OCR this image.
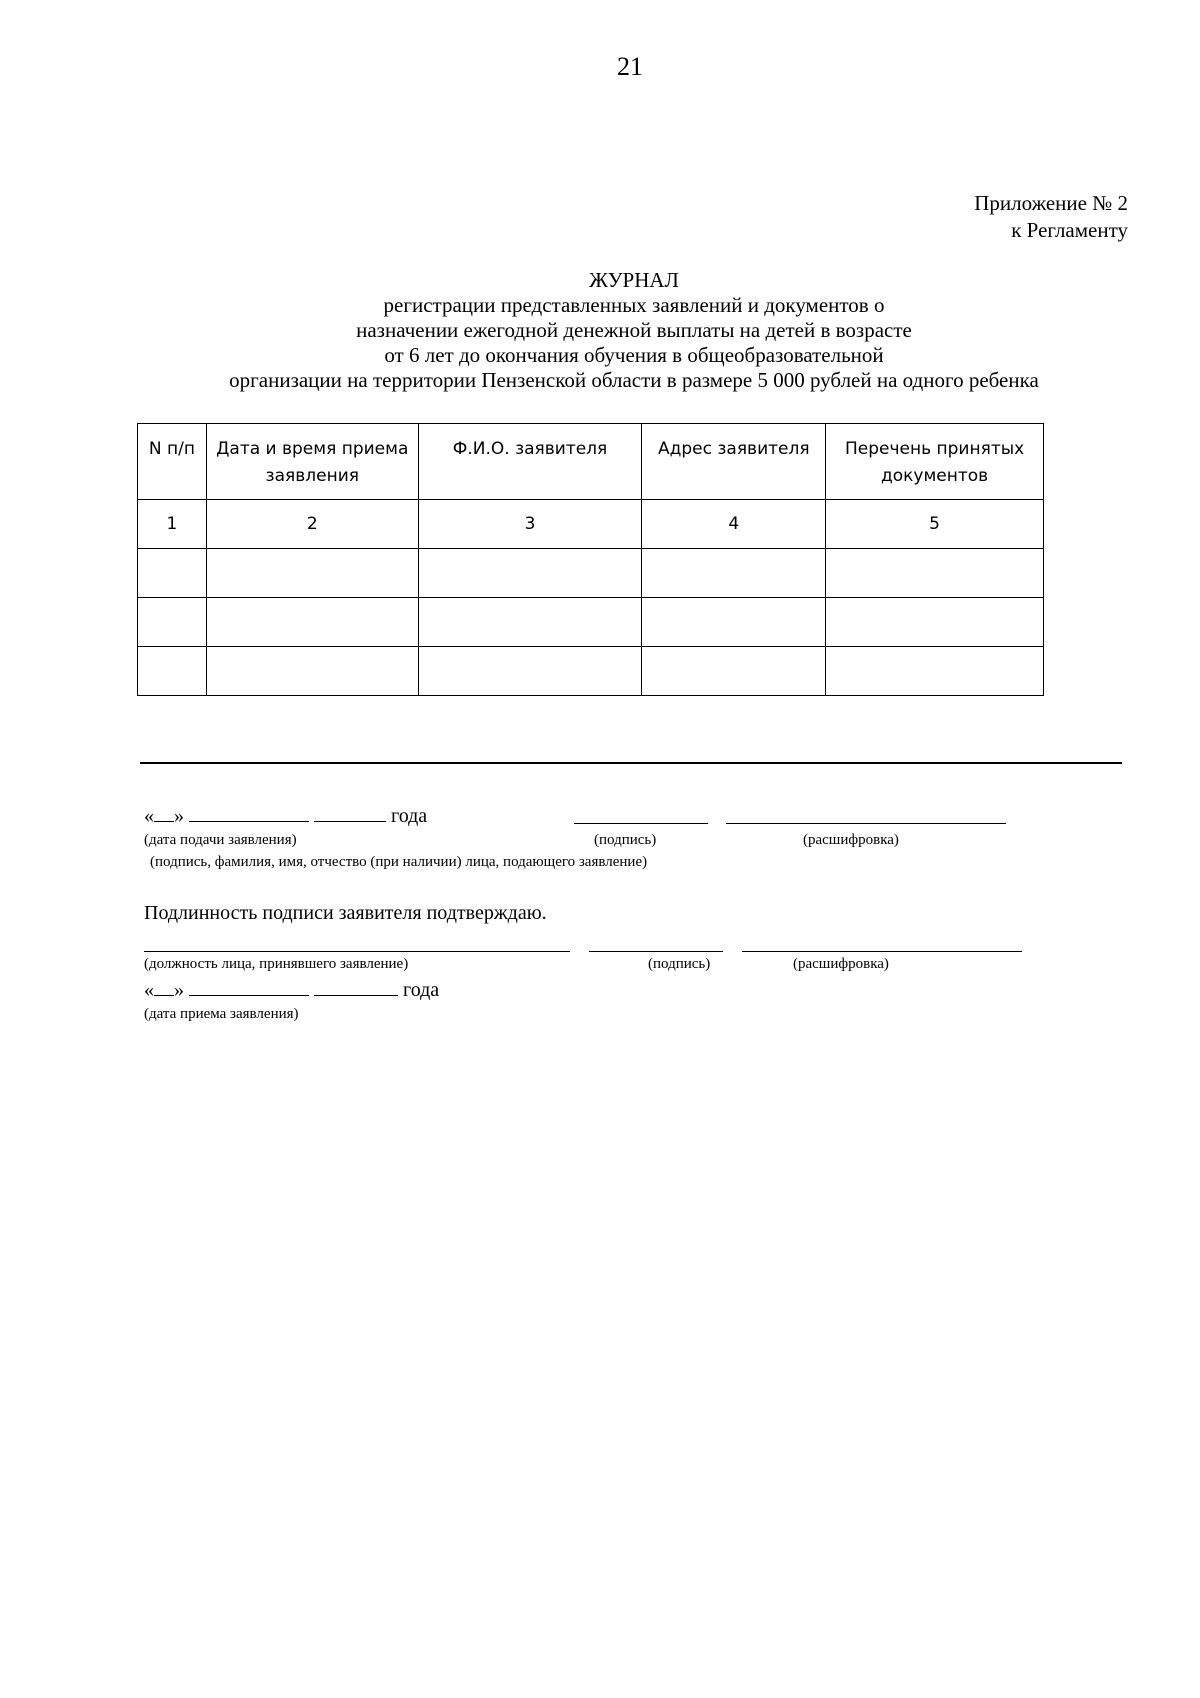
21
Приложение № 2
к Регламенту
ЖУРНАЛ
регистрации представленных заявлений и документов о
назначении ежегодной денежной выплаты на детей в возрасте
от 6 лет до окончания обучения в общеобразовательной
организации на территории Пензенской области в размере 5 000 рублей на одного ребенка
N п/п	Дата и время приема заявления	Ф.И.О. заявителя	Адрес заявителя	Перечень принятых документов
1	2	3	4	5

« »	года
(дата подачи заявления)	(подпись)	(расшифровка)
(подпись, фамилия, имя, отчество (при наличии) лица, подающего заявление)
Подлинность подписи заявителя подтверждаю.
(должность лица, принявшего заявление)	(подпись)	(расшифровка)
« »	года
(дата приема заявления)
